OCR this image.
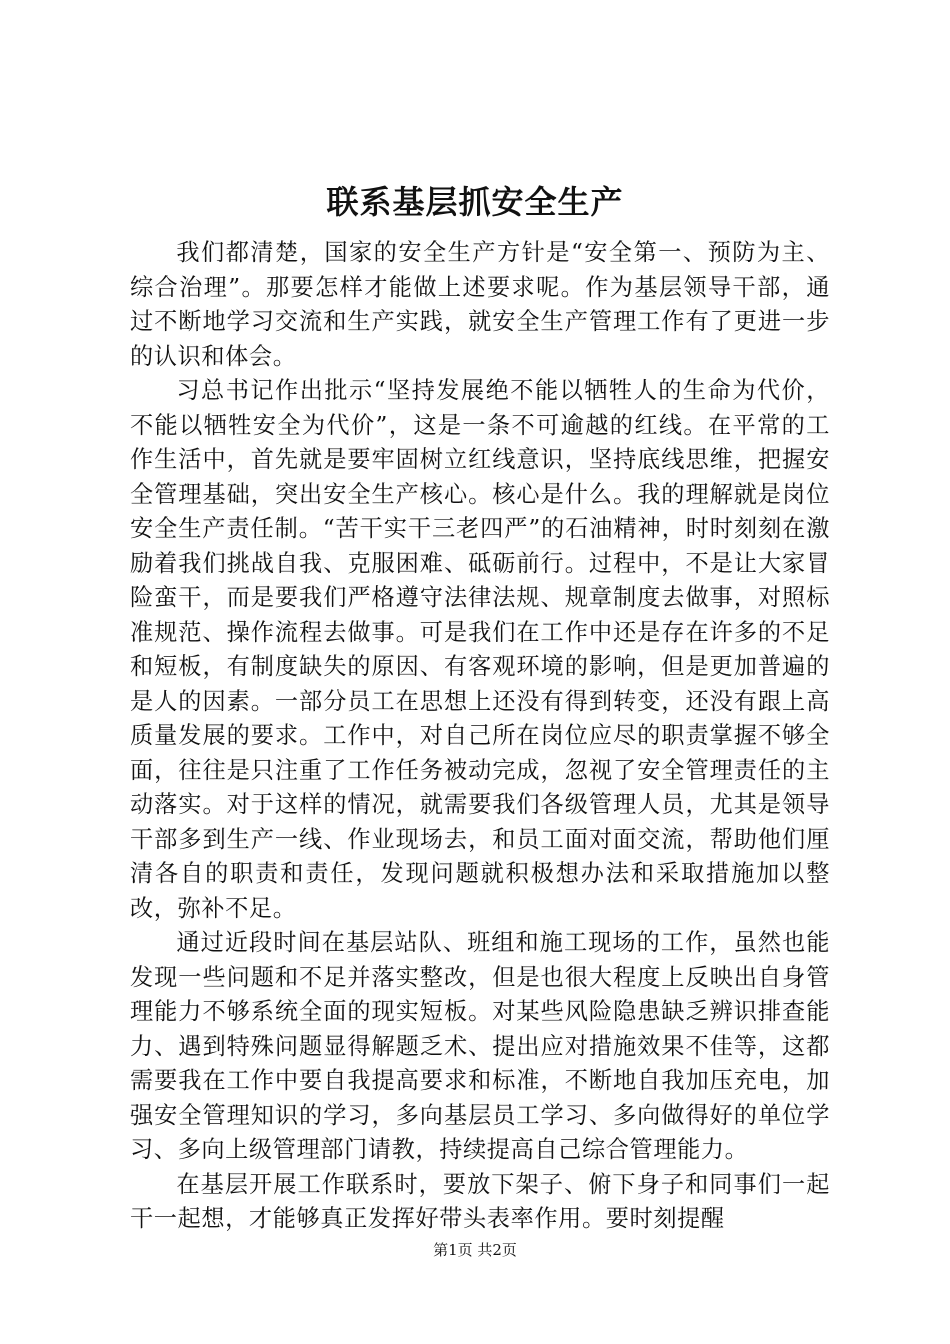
联系基层抓安全生产

我们都清楚，国家的安全生产方针是“安全第一、预防为主、综合治理”。那要怎样才能做上述要求呢。作为基层领导干部，通过不断地学习交流和生产实践，就安全生产管理工作有了更进一步的认识和体会。

习总书记作出批示“坚持发展绝不能以牺牲人的生命为代价，不能以牺牲安全为代价”，这是一条不可逾越的红线。在平常的工作生活中，首先就是要牢固树立红线意识，坚持底线思维，把握安全管理基础，突出安全生产核心。核心是什么。我的理解就是岗位安全生产责任制。“苦干实干三老四严”的石油精神，时时刻刻在激励着我们挑战自我、克服困难、砥砺前行。过程中，不是让大家冒险蛮干，而是要我们严格遵守法律法规、规章制度去做事，对照标准规范、操作流程去做事。可是我们在工作中还是存在许多的不足和短板，有制度缺失的原因、有客观环境的影响，但是更加普遍的是人的因素。一部分员工在思想上还没有得到转变，还没有跟上高质量发展的要求。工作中，对自己所在岗位应尽的职责掌握不够全面，往往是只注重了工作任务被动完成，忽视了安全管理责任的主动落实。对于这样的情况，就需要我们各级管理人员，尤其是领导干部多到生产一线、作业现场去，和员工面对面交流，帮助他们厘清各自的职责和责任，发现问题就积极想办法和采取措施加以整改，弥补不足。

通过近段时间在基层站队、班组和施工现场的工作，虽然也能发现一些问题和不足并落实整改，但是也很大程度上反映出自身管理能力不够系统全面的现实短板。对某些风险隐患缺乏辨识排查能力、遇到特殊问题显得解题乏术、提出应对措施效果不佳等，这都需要我在工作中要自我提高要求和标准，不断地自我加压充电，加强安全管理知识的学习，多向基层员工学习、多向做得好的单位学习、多向上级管理部门请教，持续提高自己综合管理能力。

在基层开展工作联系时，要放下架子、俯下身子和同事们一起干一起想，才能够真正发挥好带头表率作用。要时刻提醒

第1页 共2页
